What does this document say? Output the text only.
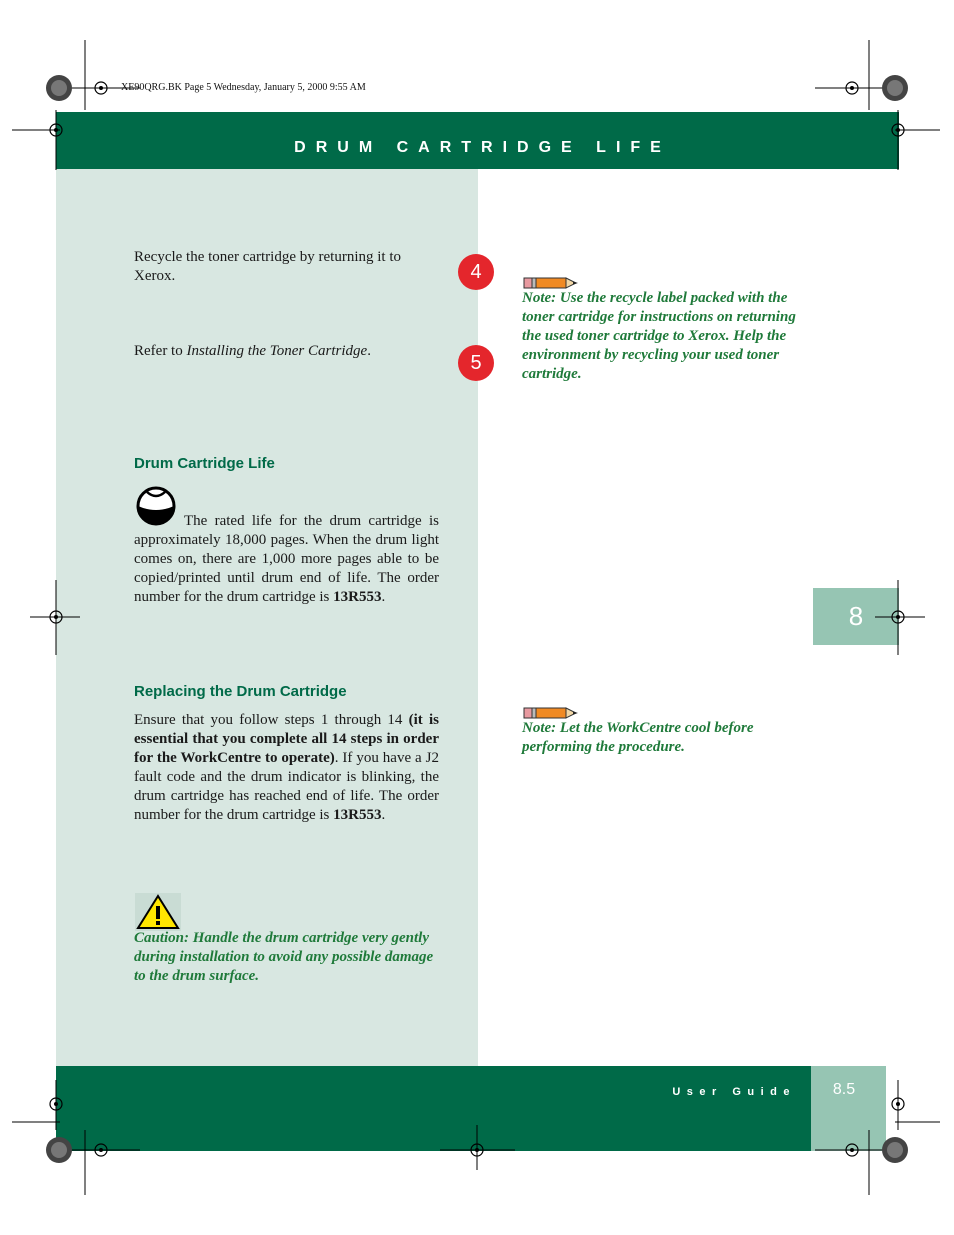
XE90QRG.BK Page 5 Wednesday, January 5, 2000 9:55 AM
DRUM CARTRIDGE LIFE
8
Recycle the toner cartridge by returning it to Xerox.
Refer to Installing the Toner Cartridge.
Drum Cartridge Life
The rated life for the drum cartridge is approximately 18,000 pages. When the drum light comes on, there are 1,000 more pages able to be copied/printed until drum end of life. The order number for the drum cartridge is 13R553.
Replacing the Drum Cartridge
Ensure that you follow steps 1 through 14 (it is essential that you complete all 14 steps in order for the WorkCentre to operate). If you have a J2 fault code and the drum indicator is blinking, the drum cartridge has reached end of life. The order number for the drum cartridge is 13R553.
Caution: Handle the drum cartridge very gently during installation to avoid any possible damage to the drum surface.
4
5
Note: Use the recycle label packed with the toner cartridge for instructions on returning the used toner cartridge to Xerox. Help the environment by recycling your used toner cartridge.
Note: Let the WorkCentre cool before performing the procedure.
User Guide	8.5
